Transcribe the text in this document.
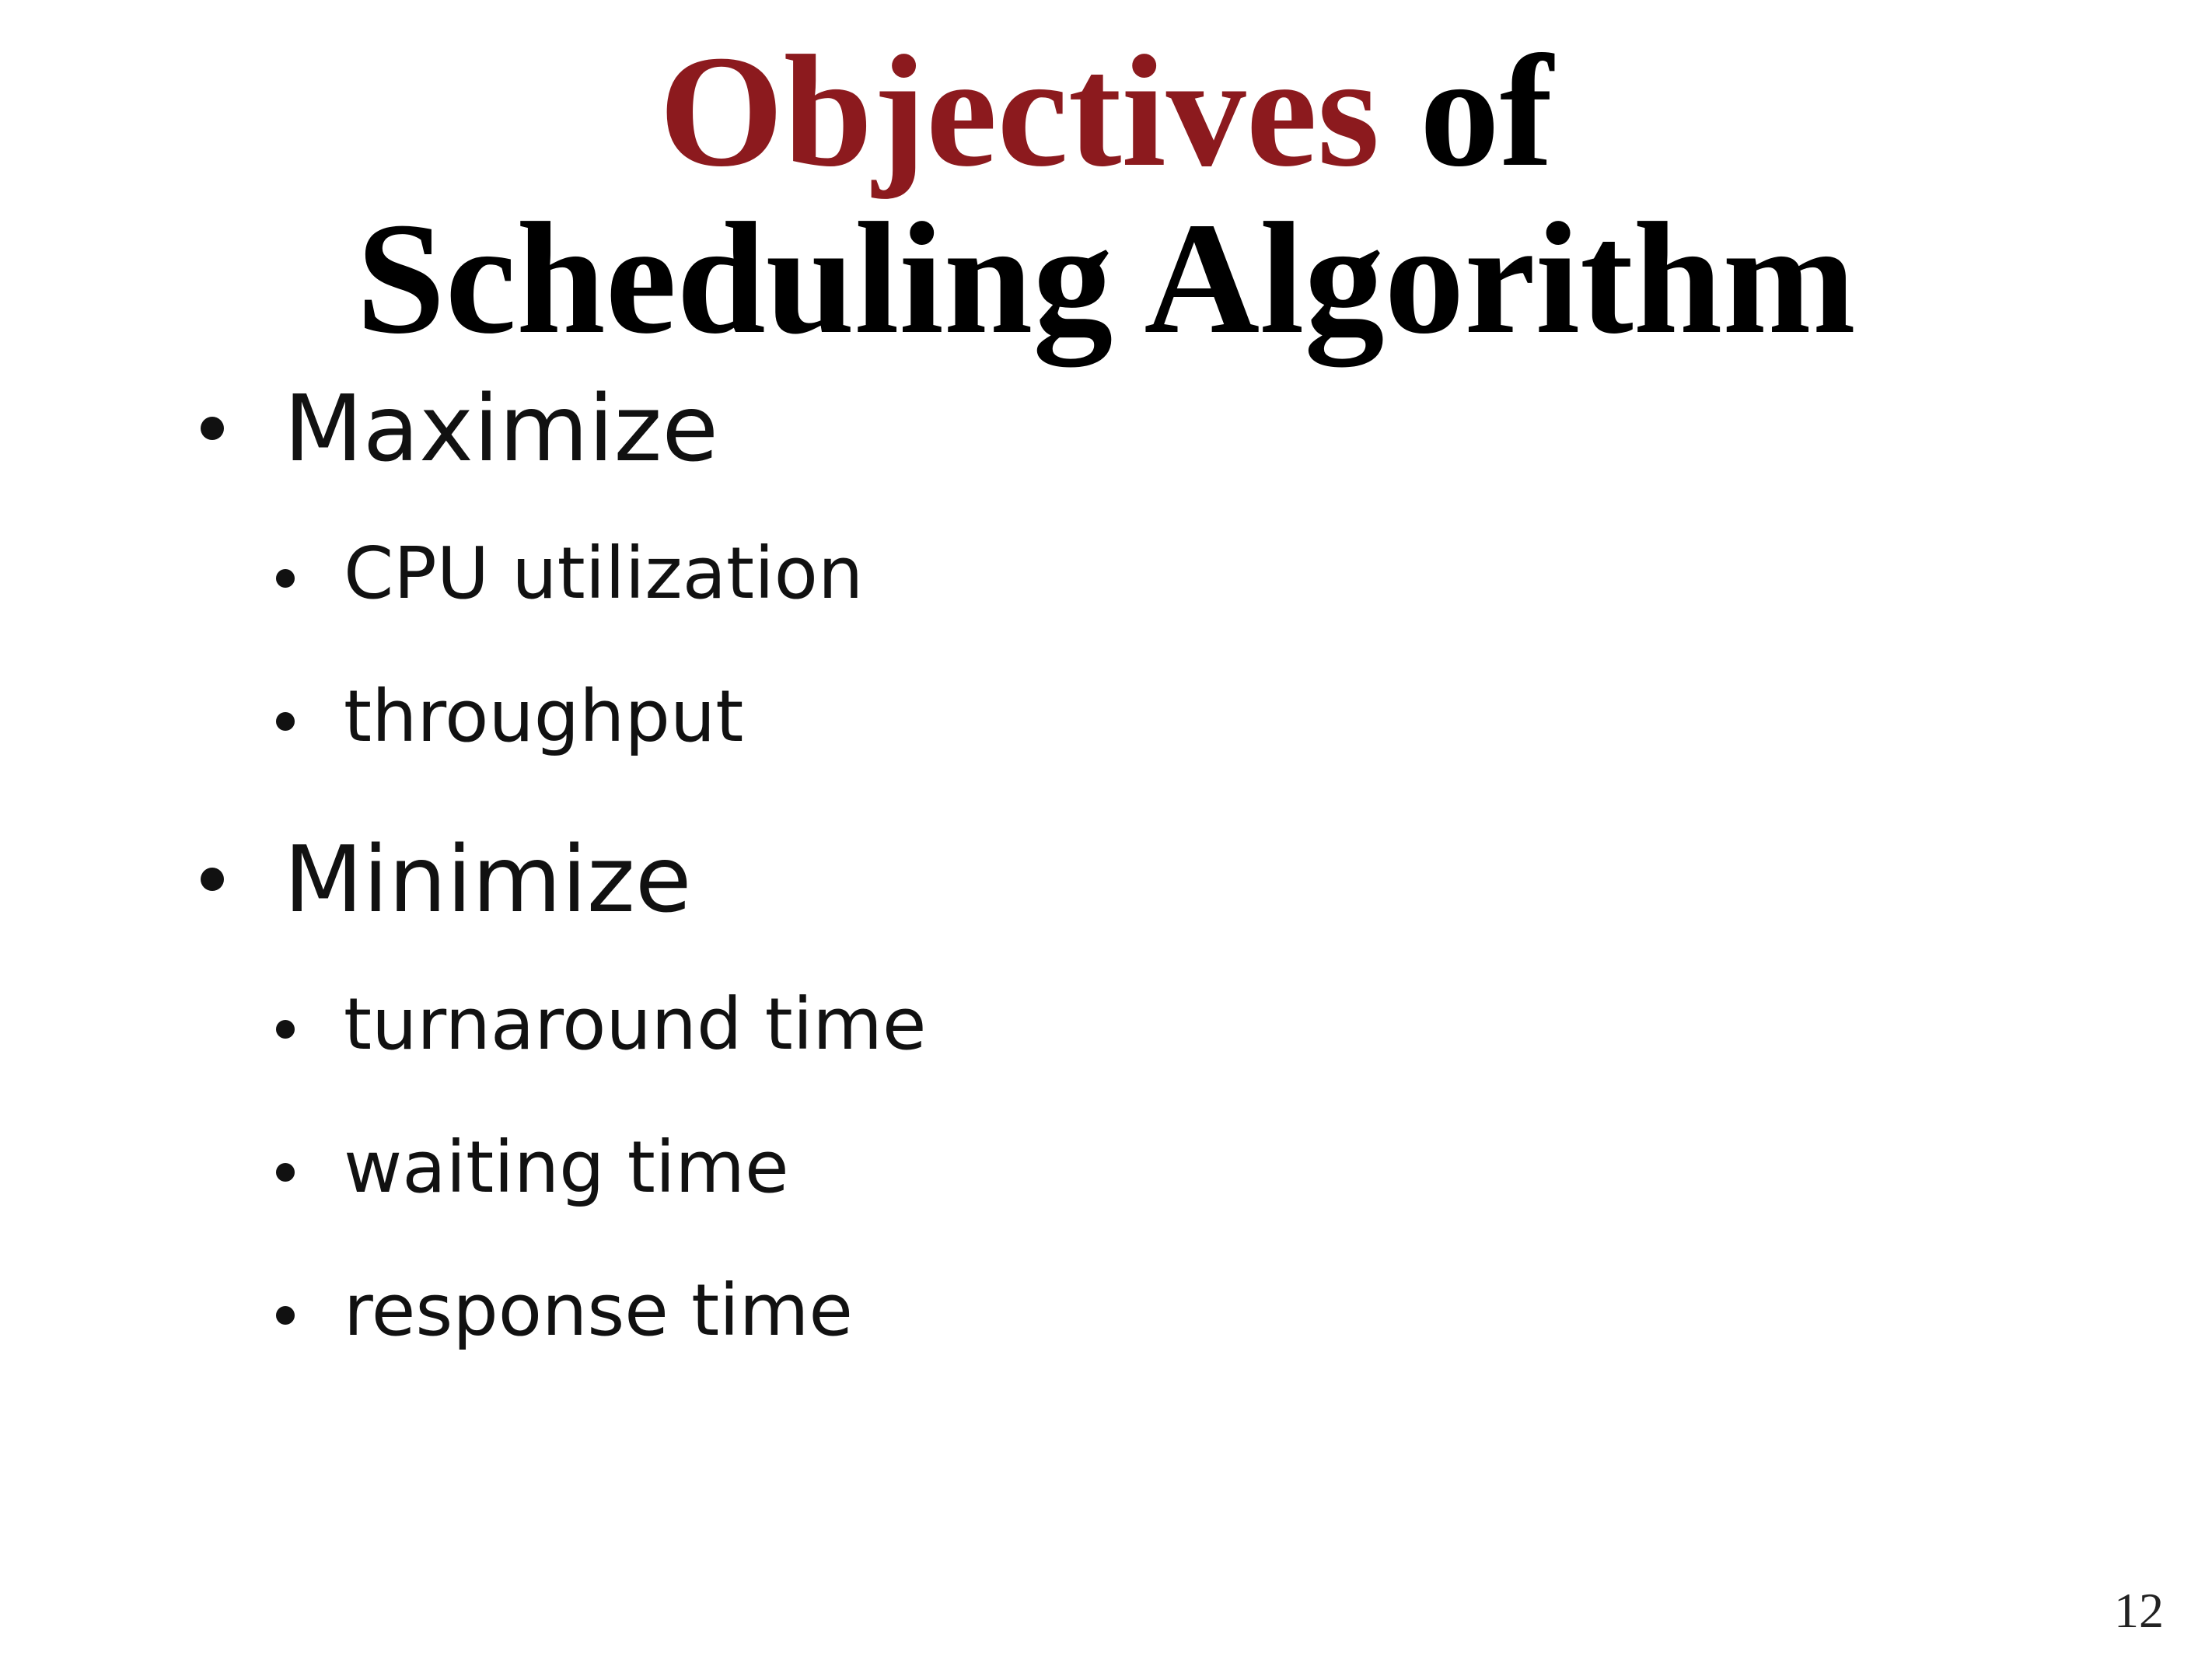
Objectives of
Scheduling Algorithm
Maximize
CPU utilization
throughput
Minimize
turnaround time
waiting time
response time
12
